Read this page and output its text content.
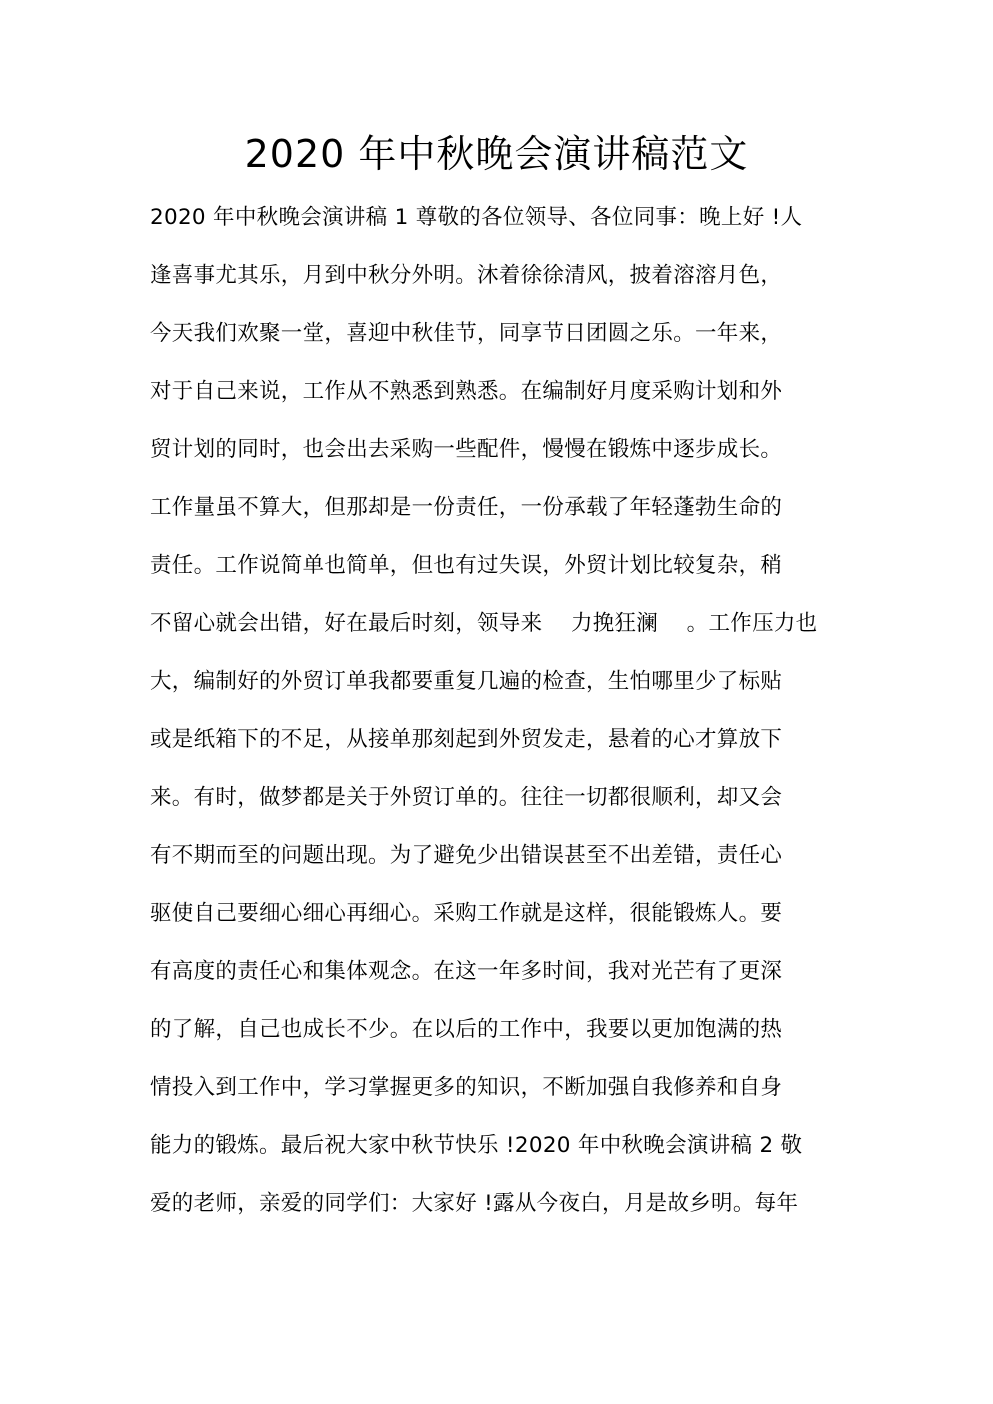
2020 年中秋晚会演讲稿范文
2020 年中秋晚会演讲稿 1 尊敬的各位领导、各位同事：晚上好 !人
逢喜事尤其乐，月到中秋分外明。沐着徐徐清风，披着溶溶月色，
今天我们欢聚一堂，喜迎中秋佳节，同享节日团圆之乐。一年来，
对于自己来说，工作从不熟悉到熟悉。在编制好月度采购计划和外
贸计划的同时，也会出去采购一些配件，慢慢在锻炼中逐步成长。
工作量虽不算大，但那却是一份责任，一份承载了年轻蓬勃生命的
责任。工作说简单也简单，但也有过失误，外贸计划比较复杂，稍
不留心就会出错，好在最后时刻，领导来    力挽狂澜    。工作压力也
大，编制好的外贸订单我都要重复几遍的检查，生怕哪里少了标贴
或是纸箱下的不足，从接单那刻起到外贸发走，悬着的心才算放下
来。有时，做梦都是关于外贸订单的。往往一切都很顺利，却又会
有不期而至的问题出现。为了避免少出错误甚至不出差错，责任心
驱使自己要细心细心再细心。采购工作就是这样，很能锻炼人。要
有高度的责任心和集体观念。在这一年多时间，我对光芒有了更深
的了解，自己也成长不少。在以后的工作中，我要以更加饱满的热
情投入到工作中，学习掌握更多的知识，不断加强自我修养和自身
能力的锻炼。最后祝大家中秋节快乐 !2020 年中秋晚会演讲稿 2 敬
爱的老师，亲爱的同学们：大家好 !露从今夜白，月是故乡明。每年
